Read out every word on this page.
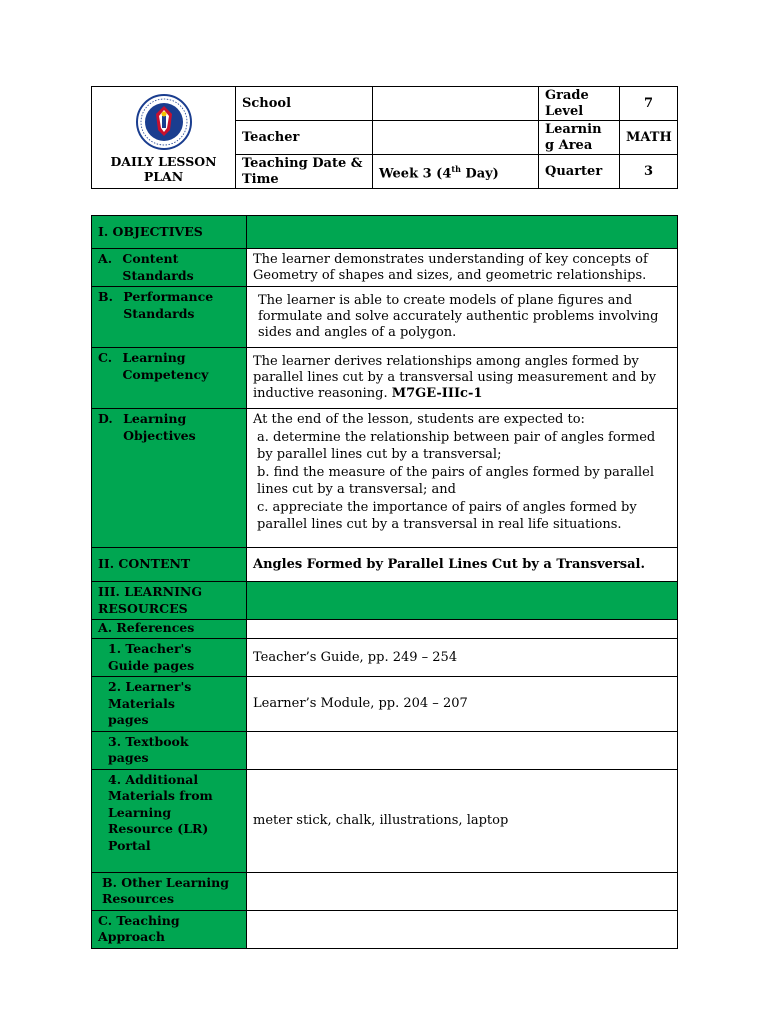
DAILY LESSON PLAN	School		Grade Level	7
	Teacher		Learnin g Area	MATH
	Teaching Date & Time	Week 3 (4th Day)	Quarter	3
I. OBJECTIVES	
A. Content Standards	The learner demonstrates understanding of key concepts of Geometry of shapes and sizes, and geometric relationships.
B. Performance Standards	The learner is able to create models of plane figures and formulate and solve accurately authentic problems involving sides and angles of a polygon.
C. Learning Competency	The learner derives relationships among angles formed by parallel lines cut by a transversal using measurement and by inductive reasoning. M7GE-IIIc-1
D. Learning Objectives	At the end of the lesson, students are expected to:
a. determine the relationship between pair of angles formed by parallel lines cut by a transversal;
b. find the measure of the pairs of angles formed by parallel lines cut by a transversal; and
c. appreciate the importance of pairs of angles formed by parallel lines cut by a transversal in real life situations.

II. CONTENT	Angles Formed by Parallel Lines Cut by a Transversal.
III. LEARNING RESOURCES	
A. References	
1. Teacher's Guide pages	Teacher’s Guide, pp. 249 – 254
2. Learner's Materials pages	Learner’s Module, pp. 204 – 207
3. Textbook pages	
4. Additional Materials from Learning Resource (LR) Portal	meter stick, chalk, illustrations, laptop
B. Other Learning Resources	
C. Teaching Approach	
